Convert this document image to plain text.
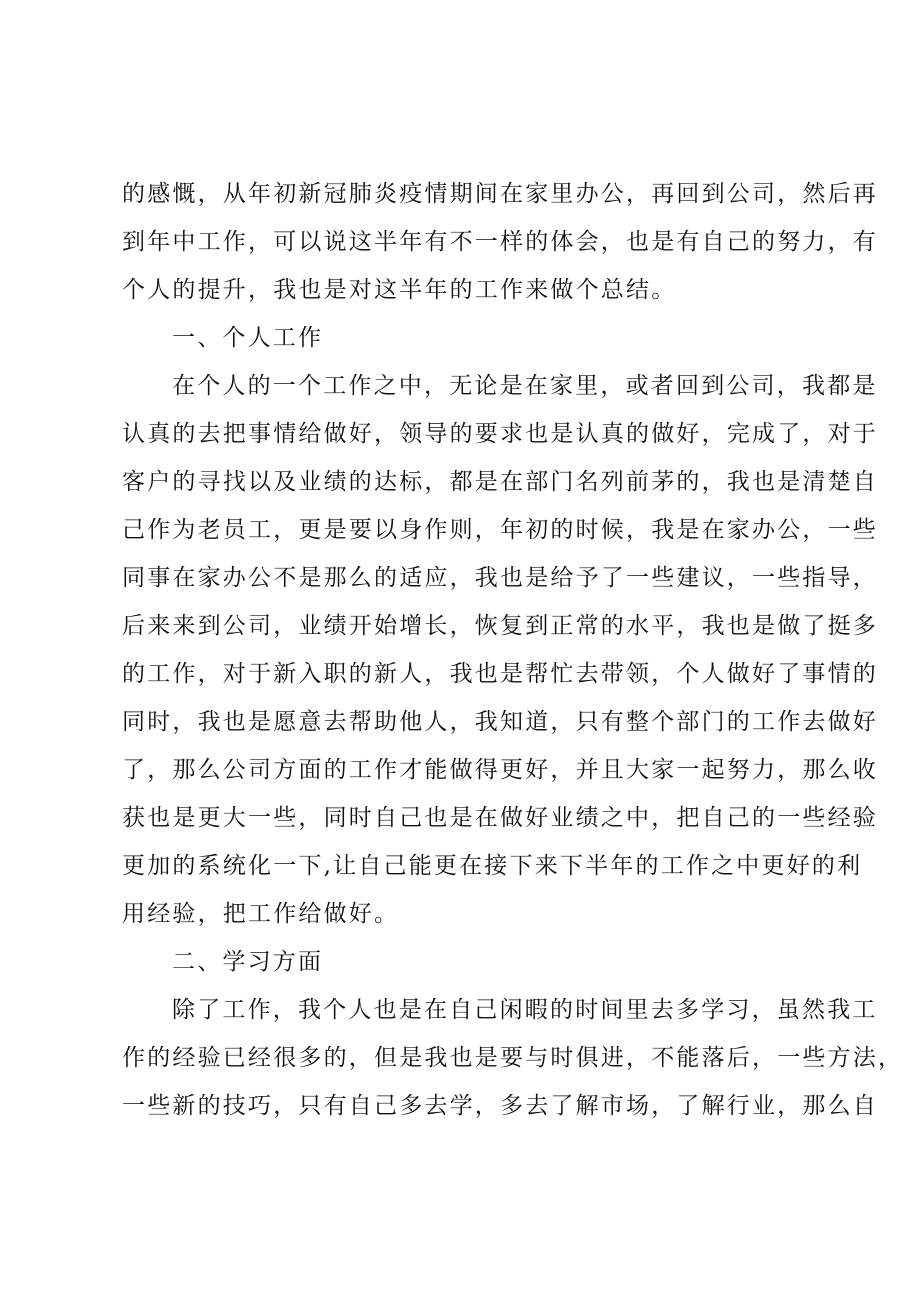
的感慨，从年初新冠肺炎疫情期间在家里办公，再回到公司，然后再
到年中工作，可以说这半年有不一样的体会，也是有自己的努力，有
个人的提升，我也是对这半年的工作来做个总结。
一、个人工作
在个人的一个工作之中，无论是在家里，或者回到公司，我都是
认真的去把事情给做好，领导的要求也是认真的做好，完成了，对于
客户的寻找以及业绩的达标，都是在部门名列前茅的，我也是清楚自
己作为老员工，更是要以身作则，年初的时候，我是在家办公，一些
同事在家办公不是那么的适应，我也是给予了一些建议，一些指导，
后来来到公司，业绩开始增长，恢复到正常的水平，我也是做了挺多
的工作，对于新入职的新人，我也是帮忙去带领，个人做好了事情的
同时，我也是愿意去帮助他人，我知道，只有整个部门的工作去做好
了，那么公司方面的工作才能做得更好，并且大家一起努力，那么收
获也是更大一些，同时自己也是在做好业绩之中，把自己的一些经验
更加的系统化一下,让自己能更在接下来下半年的工作之中更好的利
用经验，把工作给做好。
二、学习方面
除了工作，我个人也是在自己闲暇的时间里去多学习，虽然我工
作的经验已经很多的，但是我也是要与时俱进，不能落后，一些方法，
一些新的技巧，只有自己多去学，多去了解市场，了解行业，那么自
